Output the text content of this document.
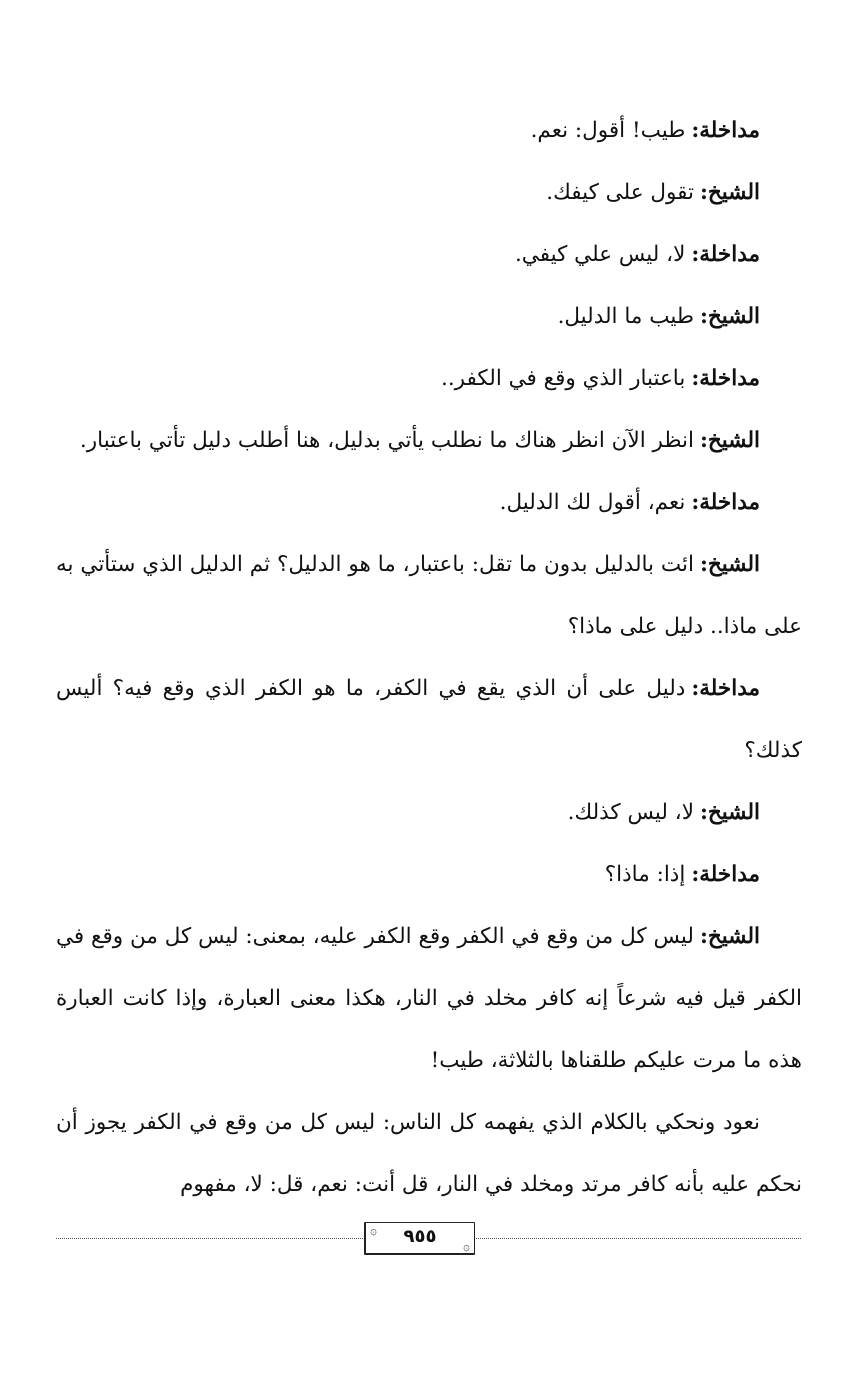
مداخلة:طيب! أقول: نعم.

الشيخ:تقول على كيفك.

مداخلة:لا، ليس علي كيفي.

الشيخ:طيب ما الدليل.

مداخلة:باعتبار الذي وقع في الكفر..

الشيخ:انظر الآن انظر هناك ما نطلب يأتي بدليل، هنا أطلب دليل تأتي باعتبار.

مداخلة:نعم، أقول لك الدليل.

الشيخ:ائت بالدليل بدون ما تقل: باعتبار، ما هو الدليل؟ ثم الدليل الذي ستأتي به على ماذا.. دليل على ماذا؟

مداخلة:دليل على أن الذي يقع في الكفر، ما هو الكفر الذي وقع فيه؟ أليس كذلك؟

الشيخ:لا، ليس كذلك.

مداخلة:إذا: ماذا؟

الشيخ:ليس كل من وقع في الكفر وقع الكفر عليه، بمعنى: ليس كل من وقع في الكفر قيل فيه شرعاً إنه كافر مخلد في النار، هكذا معنى العبارة، وإذا كانت العبارة هذه ما مرت عليكم طلقناها بالثلاثة، طيب!

نعود ونحكي بالكلام الذي يفهمه كل الناس: ليس كل من وقع في الكفر يجوز أن نحكم عليه بأنه كافر مرتد ومخلد في النار، قل أنت: نعم، قل: لا، مفهوم

۞	٩٥٥	۞
